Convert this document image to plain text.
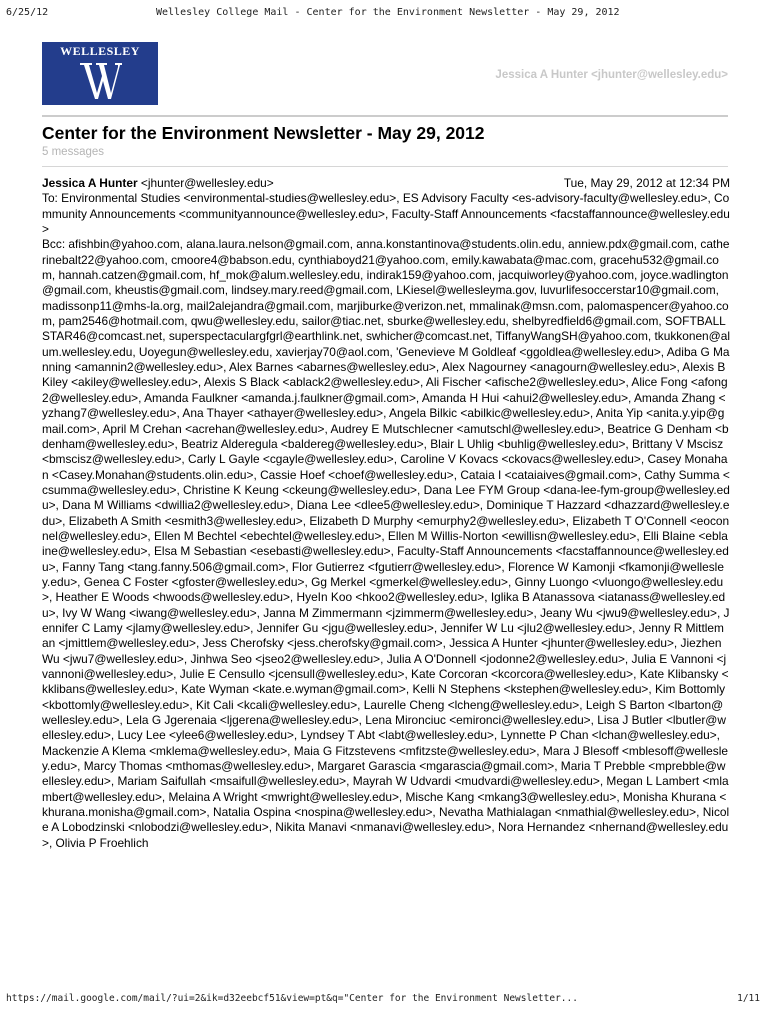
6/25/12	Wellesley College Mail - Center for the Environment Newsletter - May 29, 2012
WELLESLEY
Jessica A Hunter <jhunter@wellesley.edu>
Center for the Environment Newsletter - May 29, 2012
5 messages
Jessica A Hunter <jhunter@wellesley.edu>	Tue, May 29, 2012 at 12:34 PM
To: Environmental Studies <environmental-studies@wellesley.edu>, ES Advisory Faculty <es-advisory-faculty@wellesley.edu>, Community Announcements <communityannounce@wellesley.edu>, Faculty-Staff Announcements <facstaffannounce@wellesley.edu>
Bcc: afishbin@yahoo.com, alana.laura.nelson@gmail.com, anna.konstantinova@students.olin.edu, anniew.pdx@gmail.com, catherinebalt22@yahoo.com, cmoore4@babson.edu, cynthiaboyd21@yahoo.com, emily.kawabata@mac.com, gracehu532@gmail.com, hannah.catzen@gmail.com, hf_mok@alum.wellesley.edu, indirak159@yahoo.com, jacquiworley@yahoo.com, joyce.wadlington@gmail.com, kheustis@gmail.com, lindsey.mary.reed@gmail.com, LKiesel@wellesleyma.gov, luvurlifesoccerstar10@gmail.com, madissonp11@mhs-la.org, mail2alejandra@gmail.com, marjiburke@verizon.net, mmalinak@msn.com, palomaspencer@yahoo.com, pam2546@hotmail.com, qwu@wellesley.edu, sailor@tiac.net, sburke@wellesley.edu, shelbyredfield6@gmail.com, SOFTBALLSTAR46@comcast.net, superspectaculargfgrl@earthlink.net, swhicher@comcast.net, TiffanyWangSH@yahoo.com, tkukkonen@alum.wellesley.edu, Uoyegun@wellesley.edu, xavierjay70@aol.com, 'Genevieve M Goldleaf <ggoldlea@wellesley.edu>, Adiba G Manning <amannin2@wellesley.edu>, Alex Barnes <abarnes@wellesley.edu>, Alex Nagourney <anagourn@wellesley.edu>, Alexis B Kiley <akiley@wellesley.edu>, Alexis S Black <ablack2@wellesley.edu>, Ali Fischer <afische2@wellesley.edu>, Alice Fong <afong2@wellesley.edu>, Amanda Faulkner <amanda.j.faulkner@gmail.com>, Amanda H Hui <ahui2@wellesley.edu>, Amanda Zhang <yzhang7@wellesley.edu>, Ana Thayer <athayer@wellesley.edu>, Angela Bilkic <abilkic@wellesley.edu>, Anita Yip <anita.y.yip@gmail.com>, April M Crehan <acrehan@wellesley.edu>, Audrey E Mutschlecner <amutschl@wellesley.edu>, Beatrice G Denham <bdenham@wellesley.edu>, Beatriz Alderegula <baldereg@wellesley.edu>, Blair L Uhlig <buhlig@wellesley.edu>, Brittany V Mscisz <bmscisz@wellesley.edu>, Carly L Gayle <cgayle@wellesley.edu>, Caroline V Kovacs <ckovacs@wellesley.edu>, Casey Monahan <Casey.Monahan@students.olin.edu>, Cassie Hoef <choef@wellesley.edu>, Cataia I <cataiaives@gmail.com>, Cathy Summa <csumma@wellesley.edu>, Christine K Keung <ckeung@wellesley.edu>, Dana Lee FYM Group <dana-lee-fym-group@wellesley.edu>, Dana M Williams <dwillia2@wellesley.edu>, Diana Lee <dlee5@wellesley.edu>, Dominique T Hazzard <dhazzard@wellesley.edu>, Elizabeth A Smith <esmith3@wellesley.edu>, Elizabeth D Murphy <emurphy2@wellesley.edu>, Elizabeth T O'Connell <eoconnel@wellesley.edu>, Ellen M Bechtel <ebechtel@wellesley.edu>, Ellen M Willis-Norton <ewillisn@wellesley.edu>, Elli Blaine <eblaine@wellesley.edu>, Elsa M Sebastian <esebasti@wellesley.edu>, Faculty-Staff Announcements <facstaffannounce@wellesley.edu>, Fanny Tang <tang.fanny.506@gmail.com>, Flor Gutierrez <fgutierr@wellesley.edu>, Florence W Kamonji <fkamonji@wellesley.edu>, Genea C Foster <gfoster@wellesley.edu>, Gg Merkel <gmerkel@wellesley.edu>, Ginny Luongo <vluongo@wellesley.edu>, Heather E Woods <hwoods@wellesley.edu>, HyeIn Koo <hkoo2@wellesley.edu>, Iglika B Atanassova <iatanass@wellesley.edu>, Ivy W Wang <iwang@wellesley.edu>, Janna M Zimmermann <jzimmerm@wellesley.edu>, Jeany Wu <jwu9@wellesley.edu>, Jennifer C Lamy <jlamy@wellesley.edu>, Jennifer Gu <jgu@wellesley.edu>, Jennifer W Lu <jlu2@wellesley.edu>, Jenny R Mittleman <jmittlem@wellesley.edu>, Jess Cherofsky <jess.cherofsky@gmail.com>, Jessica A Hunter <jhunter@wellesley.edu>, Jiezhen Wu <jwu7@wellesley.edu>, Jinhwa Seo <jseo2@wellesley.edu>, Julia A O'Donnell <jodonne2@wellesley.edu>, Julia E Vannoni <jvannoni@wellesley.edu>, Julie E Censullo <jcensull@wellesley.edu>, Kate Corcoran <kcorcora@wellesley.edu>, Kate Klibansky <kklibans@wellesley.edu>, Kate Wyman <kate.e.wyman@gmail.com>, Kelli N Stephens <kstephen@wellesley.edu>, Kim Bottomly <kbottomly@wellesley.edu>, Kit Cali <kcali@wellesley.edu>, Laurelle Cheng <lcheng@wellesley.edu>, Leigh S Barton <lbarton@wellesley.edu>, Lela G Jgerenaia <ljgerena@wellesley.edu>, Lena Mironciuc <emironci@wellesley.edu>, Lisa J Butler <lbutler@wellesley.edu>, Lucy Lee <ylee6@wellesley.edu>, Lyndsey T Abt <labt@wellesley.edu>, Lynnette P Chan <lchan@wellesley.edu>, Mackenzie A Klema <mklema@wellesley.edu>, Maia G Fitzstevens <mfitzste@wellesley.edu>, Mara J Blesoff <mblesoff@wellesley.edu>, Marcy Thomas <mthomas@wellesley.edu>, Margaret Garascia <mgarascia@gmail.com>, Maria T Prebble <mprebble@wellesley.edu>, Mariam Saifullah <msaifull@wellesley.edu>, Mayrah W Udvardi <mudvardi@wellesley.edu>, Megan L Lambert <mlambert@wellesley.edu>, Melaina A Wright <mwright@wellesley.edu>, Mische Kang <mkang3@wellesley.edu>, Monisha Khurana <khurana.monisha@gmail.com>, Natalia Ospina <nospina@wellesley.edu>, Nevatha Mathialagan <nmathial@wellesley.edu>, Nicole A Lobodzinski <nlobodzi@wellesley.edu>, Nikita Manavi <nmanavi@wellesley.edu>, Nora Hernandez <nhernand@wellesley.edu>, Olivia P Froehlich
https://mail.google.com/mail/?ui=2&ik=d32eebcf51&view=pt&q="Center for the Environment Newsletter...	1/11
